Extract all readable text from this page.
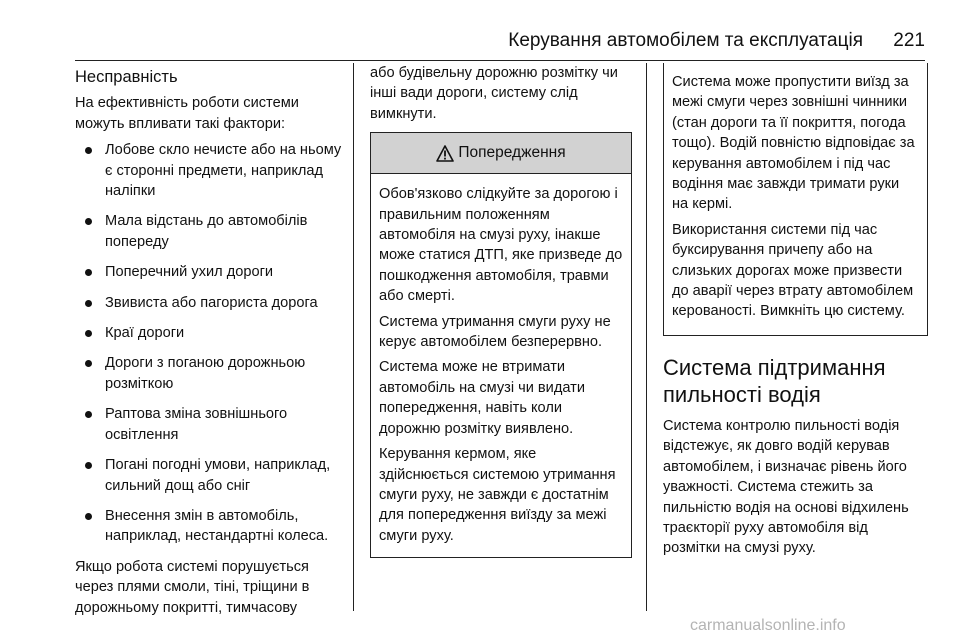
Керування автомобілем та експлуатація 221
Несправність

На ефективність роботи системи можуть впливати такі фактори:

Лобове скло нечисте або на ньому є сторонні предмети, наприклад наліпки
Мала відстань до автомобілів попереду
Поперечний ухил дороги
Звивиста або пагориста дорога
Краї дороги
Дороги з поганою дорожньою розміткою
Раптова зміна зовнішнього освітлення
Погані погодні умови, наприклад, сильний дощ або сніг
Внесення змін в автомобіль, наприклад, нестандартні колеса.

Якщо робота системі порушується через плями смоли, тіні, тріщини в дорожньому покритті, тимчасову

або будівельну дорожню розмітку чи інші вади дороги, систему слід вимкнути.

Попередження

Обов'язково слідкуйте за дорогою і правильним положенням автомобіля на смузі руху, інакше може статися ДТП, яке призведе до пошкодження автомобіля, травми або смерті.

Система утримання смуги руху не керує автомобілем безперервно.

Система може не втримати автомобіль на смузі чи видати попередження, навіть коли дорожню розмітку виявлено.

Керування кермом, яке здійснюється системою утримання смуги руху, не завжди є достатнім для попередження виїзду за межі смуги руху.

Система може пропустити виїзд за межі смуги через зовнішні чинники (стан дороги та її покриття, погода тощо). Водій повністю відповідає за керування автомобілем і під час водіння має завжди тримати руки на кермі.

Використання системи під час буксирування причепу або на слизьких дорогах може призвести до аварії через втрату автомобілем керованості. Вимкніть цю систему.

Система підтримання пильності водія

Система контролю пильності водія відстежує, як довго водій керував автомобілем, і визначає рівень його уважності. Система стежить за пильністю водія на основі відхилень траєкторії руху автомобіля від розмітки на смузі руху.

carmanualsonline.info
